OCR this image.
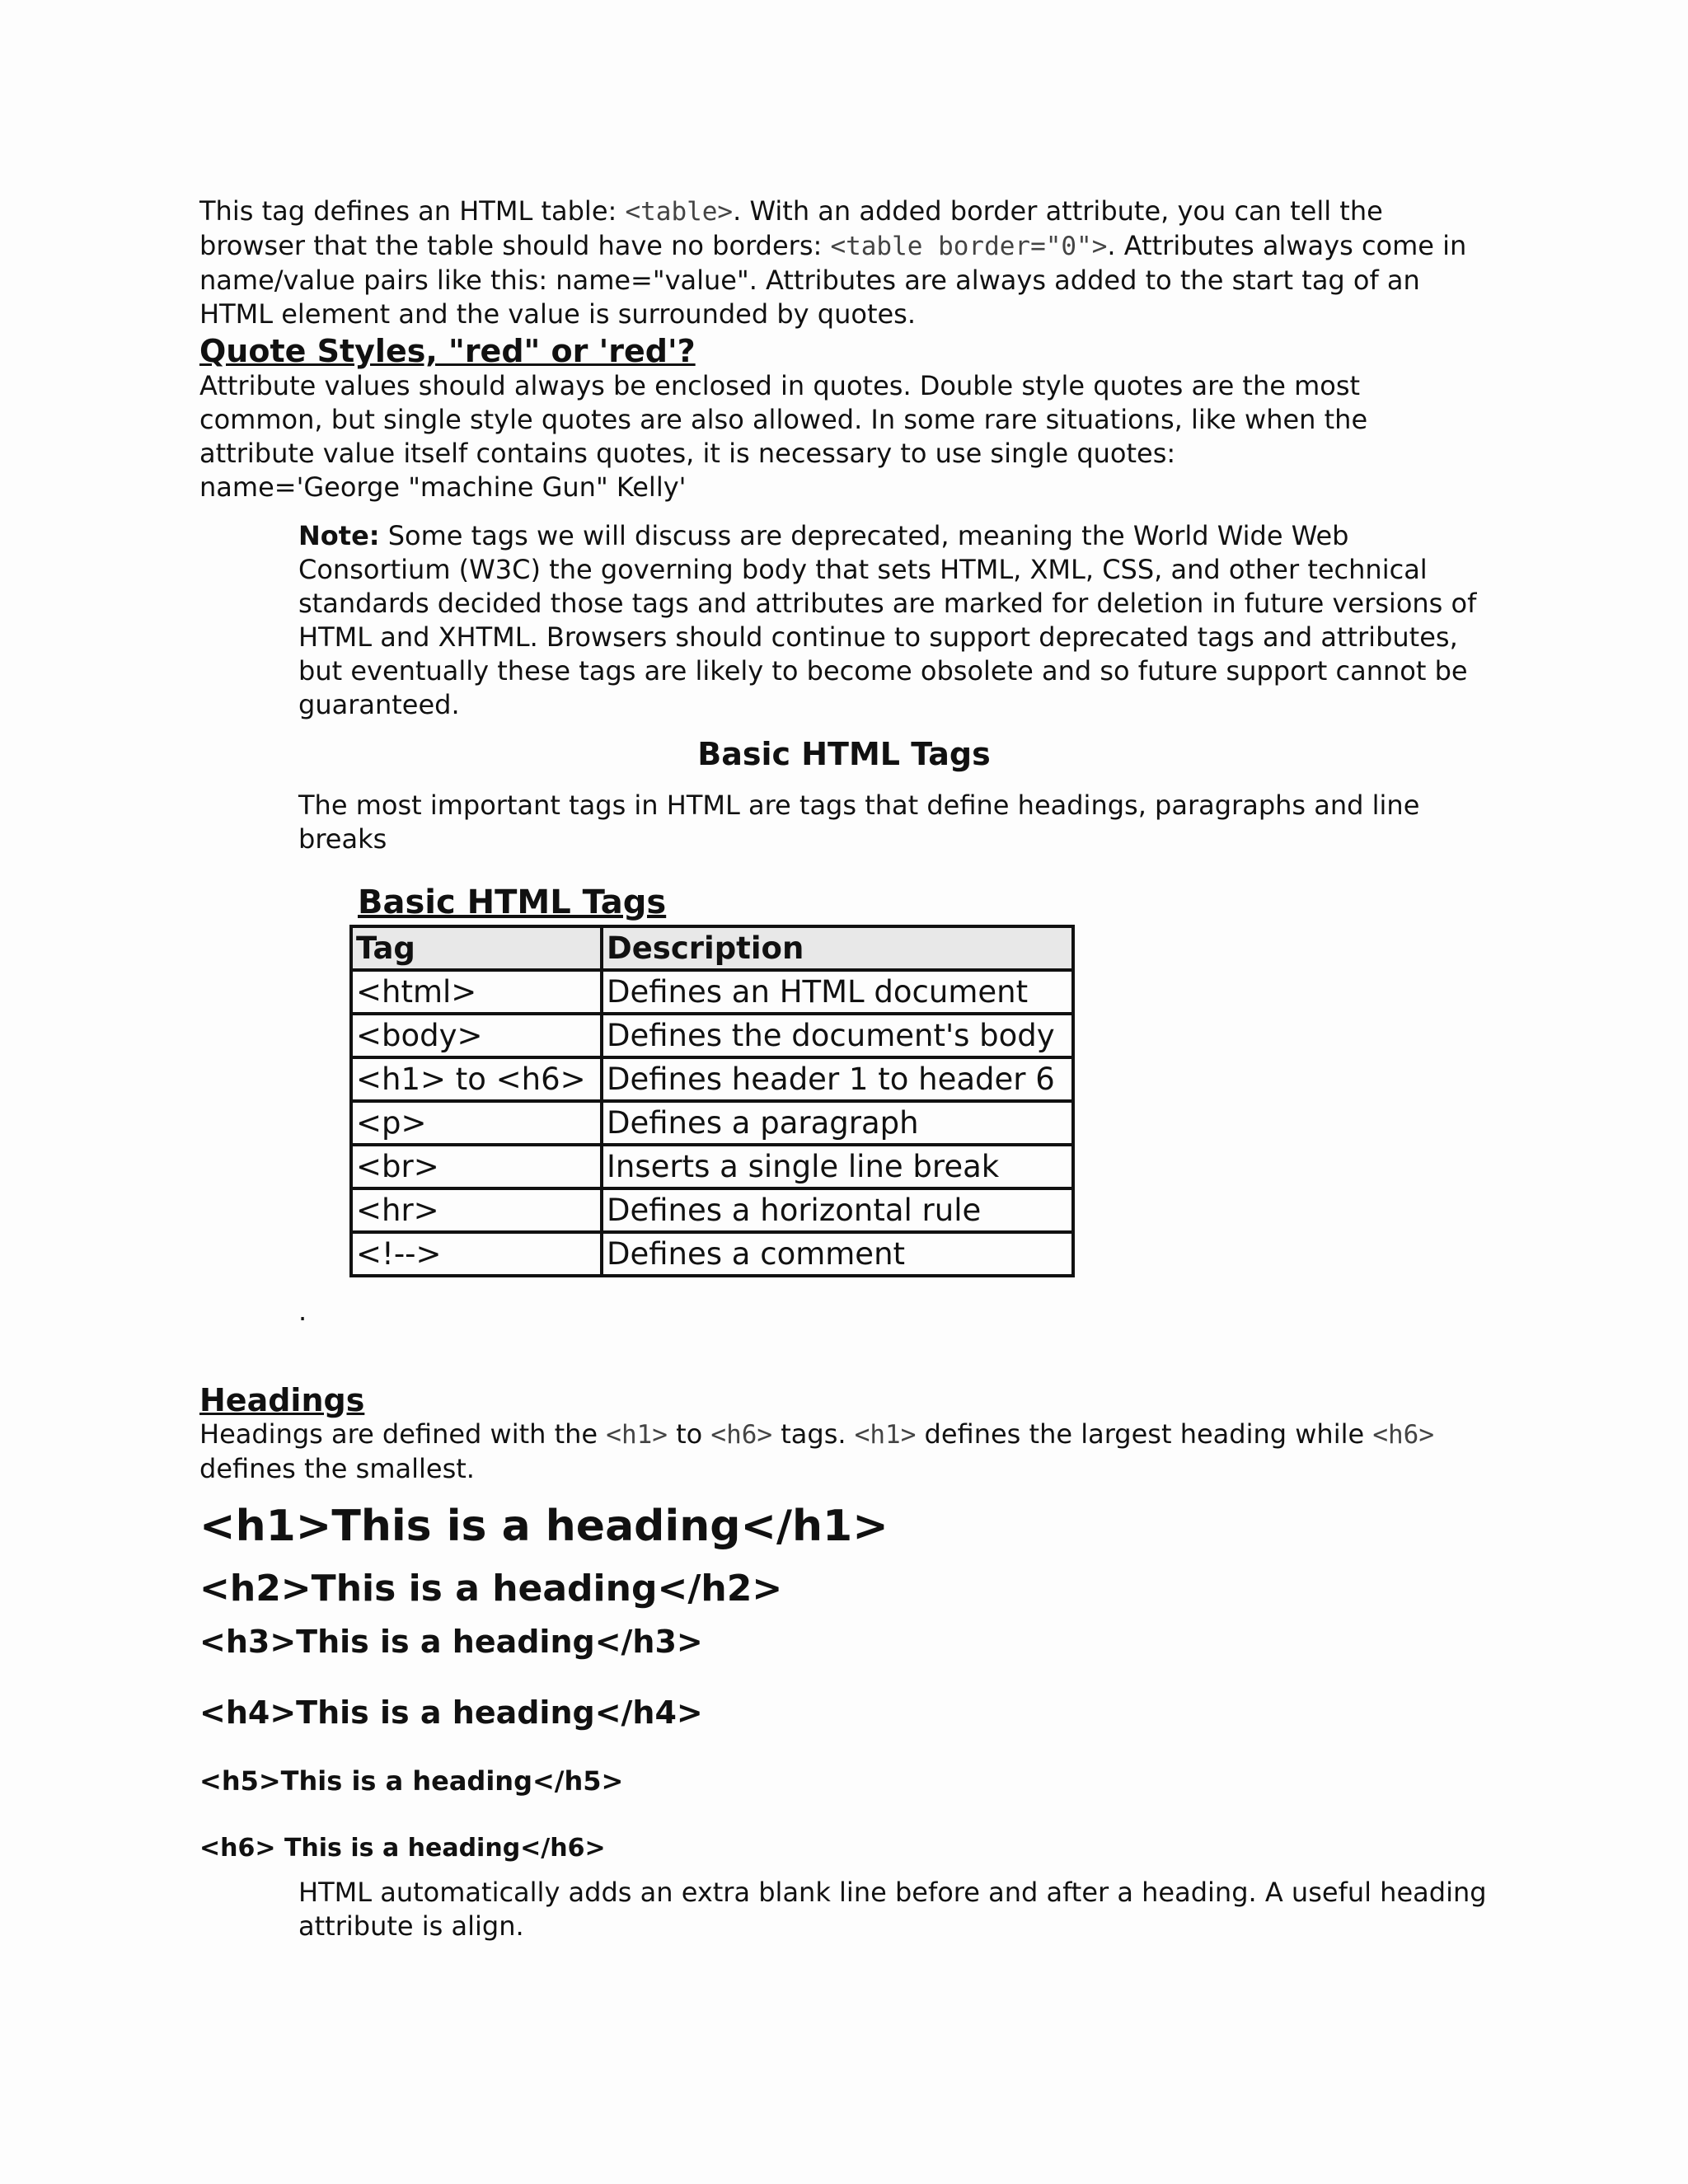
This tag defines an HTML table: <table>. With an added border attribute, you can tell the browser that the table should have no borders: <table border="0">. Attributes always come in name/value pairs like this: name="value". Attributes are always added to the start tag of an HTML element and the value is surrounded by quotes.

Quote Styles, "red" or 'red'?

Attribute values should always be enclosed in quotes. Double style quotes are the most common, but single style quotes are also allowed. In some rare situations, like when the attribute value itself contains quotes, it is necessary to use single quotes:
name='George "machine Gun" Kelly'

Note: Some tags we will discuss are deprecated, meaning the World Wide Web Consortium (W3C) the governing body that sets HTML, XML, CSS, and other technical standards decided those tags and attributes are marked for deletion in future versions of HTML and XHTML. Browsers should continue to support deprecated tags and attributes, but eventually these tags are likely to become obsolete and so future support cannot be guaranteed.

Basic HTML Tags

The most important tags in HTML are tags that define headings, paragraphs and line breaks

Basic HTML Tags
Tag	Description
<html>	Defines an HTML document
<body>	Defines the document's body
<h1> to <h6>	Defines header 1 to header 6
<p>	Defines a paragraph
<br>	Inserts a single line break
<hr>	Defines a horizontal rule
<!-->	Defines a comment
.
Headings

Headings are defined with the <h1> to <h6> tags. <h1> defines the largest heading while <h6> defines the smallest.

<h1>This is a heading</h1>
<h2>This is a heading</h2>
<h3>This is a heading</h3>
<h4>This is a heading</h4>
<h5>This is a heading</h5>
<h6> This is a heading</h6>

HTML automatically adds an extra blank line before and after a heading. A useful heading attribute is align.
